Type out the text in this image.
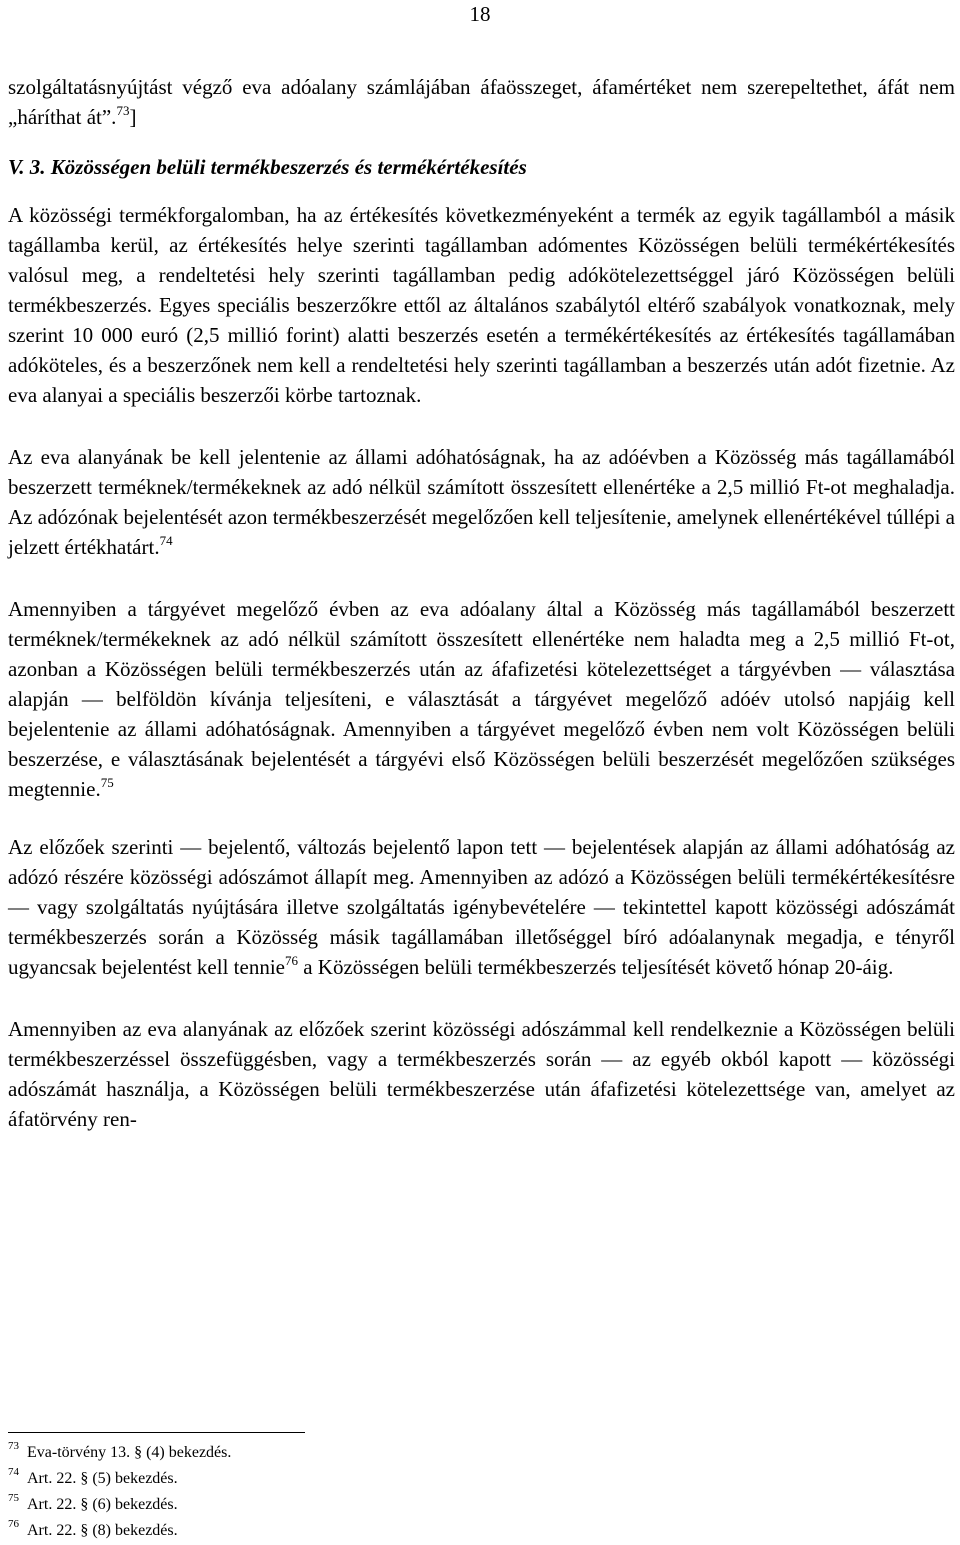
18

szolgáltatásnyújtást végző eva adóalany számlájában áfaösszeget, áfamértéket nem szerepeltethet, áfát nem „háríthat át”.$^{73}$]

V. 3. Közösségen belüli termékbeszerzés és termékértékesítés

A közösségi termékforgalomban, ha az értékesítés következményeként a termék az egyik tagállamból a másik tagállamba kerül, az értékesítés helye szerinti tagállamban adómentes Közösségen belüli termékértékesítés valósul meg, a rendeltetési hely szerinti tagállamban pedig adókötelezettséggel járó Közösségen belüli termékbeszerzés. Egyes speciális beszerzőkre ettől az általános szabálytól eltérő szabályok vonatkoznak, mely szerint 10 000 euró (2,5 millió forint) alatti beszerzés esetén a termékértékesítés az értékesítés tagállamában adóköteles, és a beszerzőnek nem kell a rendeltetési hely szerinti tagállamban a beszerzés után adót fizetnie. Az eva alanyai a speciális beszerzői körbe tartoznak.

Az eva alanyának be kell jelentenie az állami adóhatóságnak, ha az adóévben a Közösség más tagállamából beszerzett terméknek/termékeknek az adó nélkül számított összesített ellenértéke a 2,5 millió Ft-ot meghaladja. Az adózónak bejelentését azon termékbeszerzését megelőzően kell teljesítenie, amelynek ellenértékével túllépi a jelzett értékhatárt.$^{74}$

Amennyiben a tárgyévet megelőző évben az eva adóalany által a Közösség más tagállamából beszerzett terméknek/termékeknek az adó nélkül számított összesített ellenértéke nem haladta meg a 2,5 millió Ft-ot, azonban a Közösségen belüli termékbeszerzés után az áfafizetési kötelezettséget a tárgyévben ― választása alapján ― belföldön kívánja teljesíteni, e választását a tárgyévet megelőző adóév utolsó napjáig kell bejelentenie az állami adóhatóságnak. Amennyiben a tárgyévet megelőző évben nem volt Közösségen belüli beszerzése, e választásának bejelentését a tárgyévi első Közösségen belüli beszerzését megelőzően szükséges megtennie.$^{75}$

Az előzőek szerinti ― bejelentő, változás bejelentő lapon tett ― bejelentések alapján az állami adóhatóság az adózó részére közösségi adószámot állapít meg. Amennyiben az adózó a Közösségen belüli termékértékesítésre ― vagy szolgáltatás nyújtására illetve szolgáltatás igénybevételére ― tekintettel kapott közösségi adószámát termékbeszerzés során a Közösség másik tagállamában illetőséggel bíró adóalanynak megadja, e tényről ugyancsak bejelentést kell tennie$^{76}$ a Közösségen belüli termékbeszerzés teljesítését követő hónap 20-áig.

Amennyiben az eva alanyának az előzőek szerint közösségi adószámmal kell rendelkeznie a Közösségen belüli termékbeszerzéssel összefüggésben, vagy a termékbeszerzés során ― az egyéb okból kapott ― közösségi adószámát használja, a Közösségen belüli termékbeszerzése után áfafizetési kötelezettsége van, amelyet az áfatörvény ren-

$^{73}$ Eva-törvény 13. § (4) bekezdés.
$^{74}$ Art. 22. § (5) bekezdés.
$^{75}$ Art. 22. § (6) bekezdés.
$^{76}$ Art. 22. § (8) bekezdés.
